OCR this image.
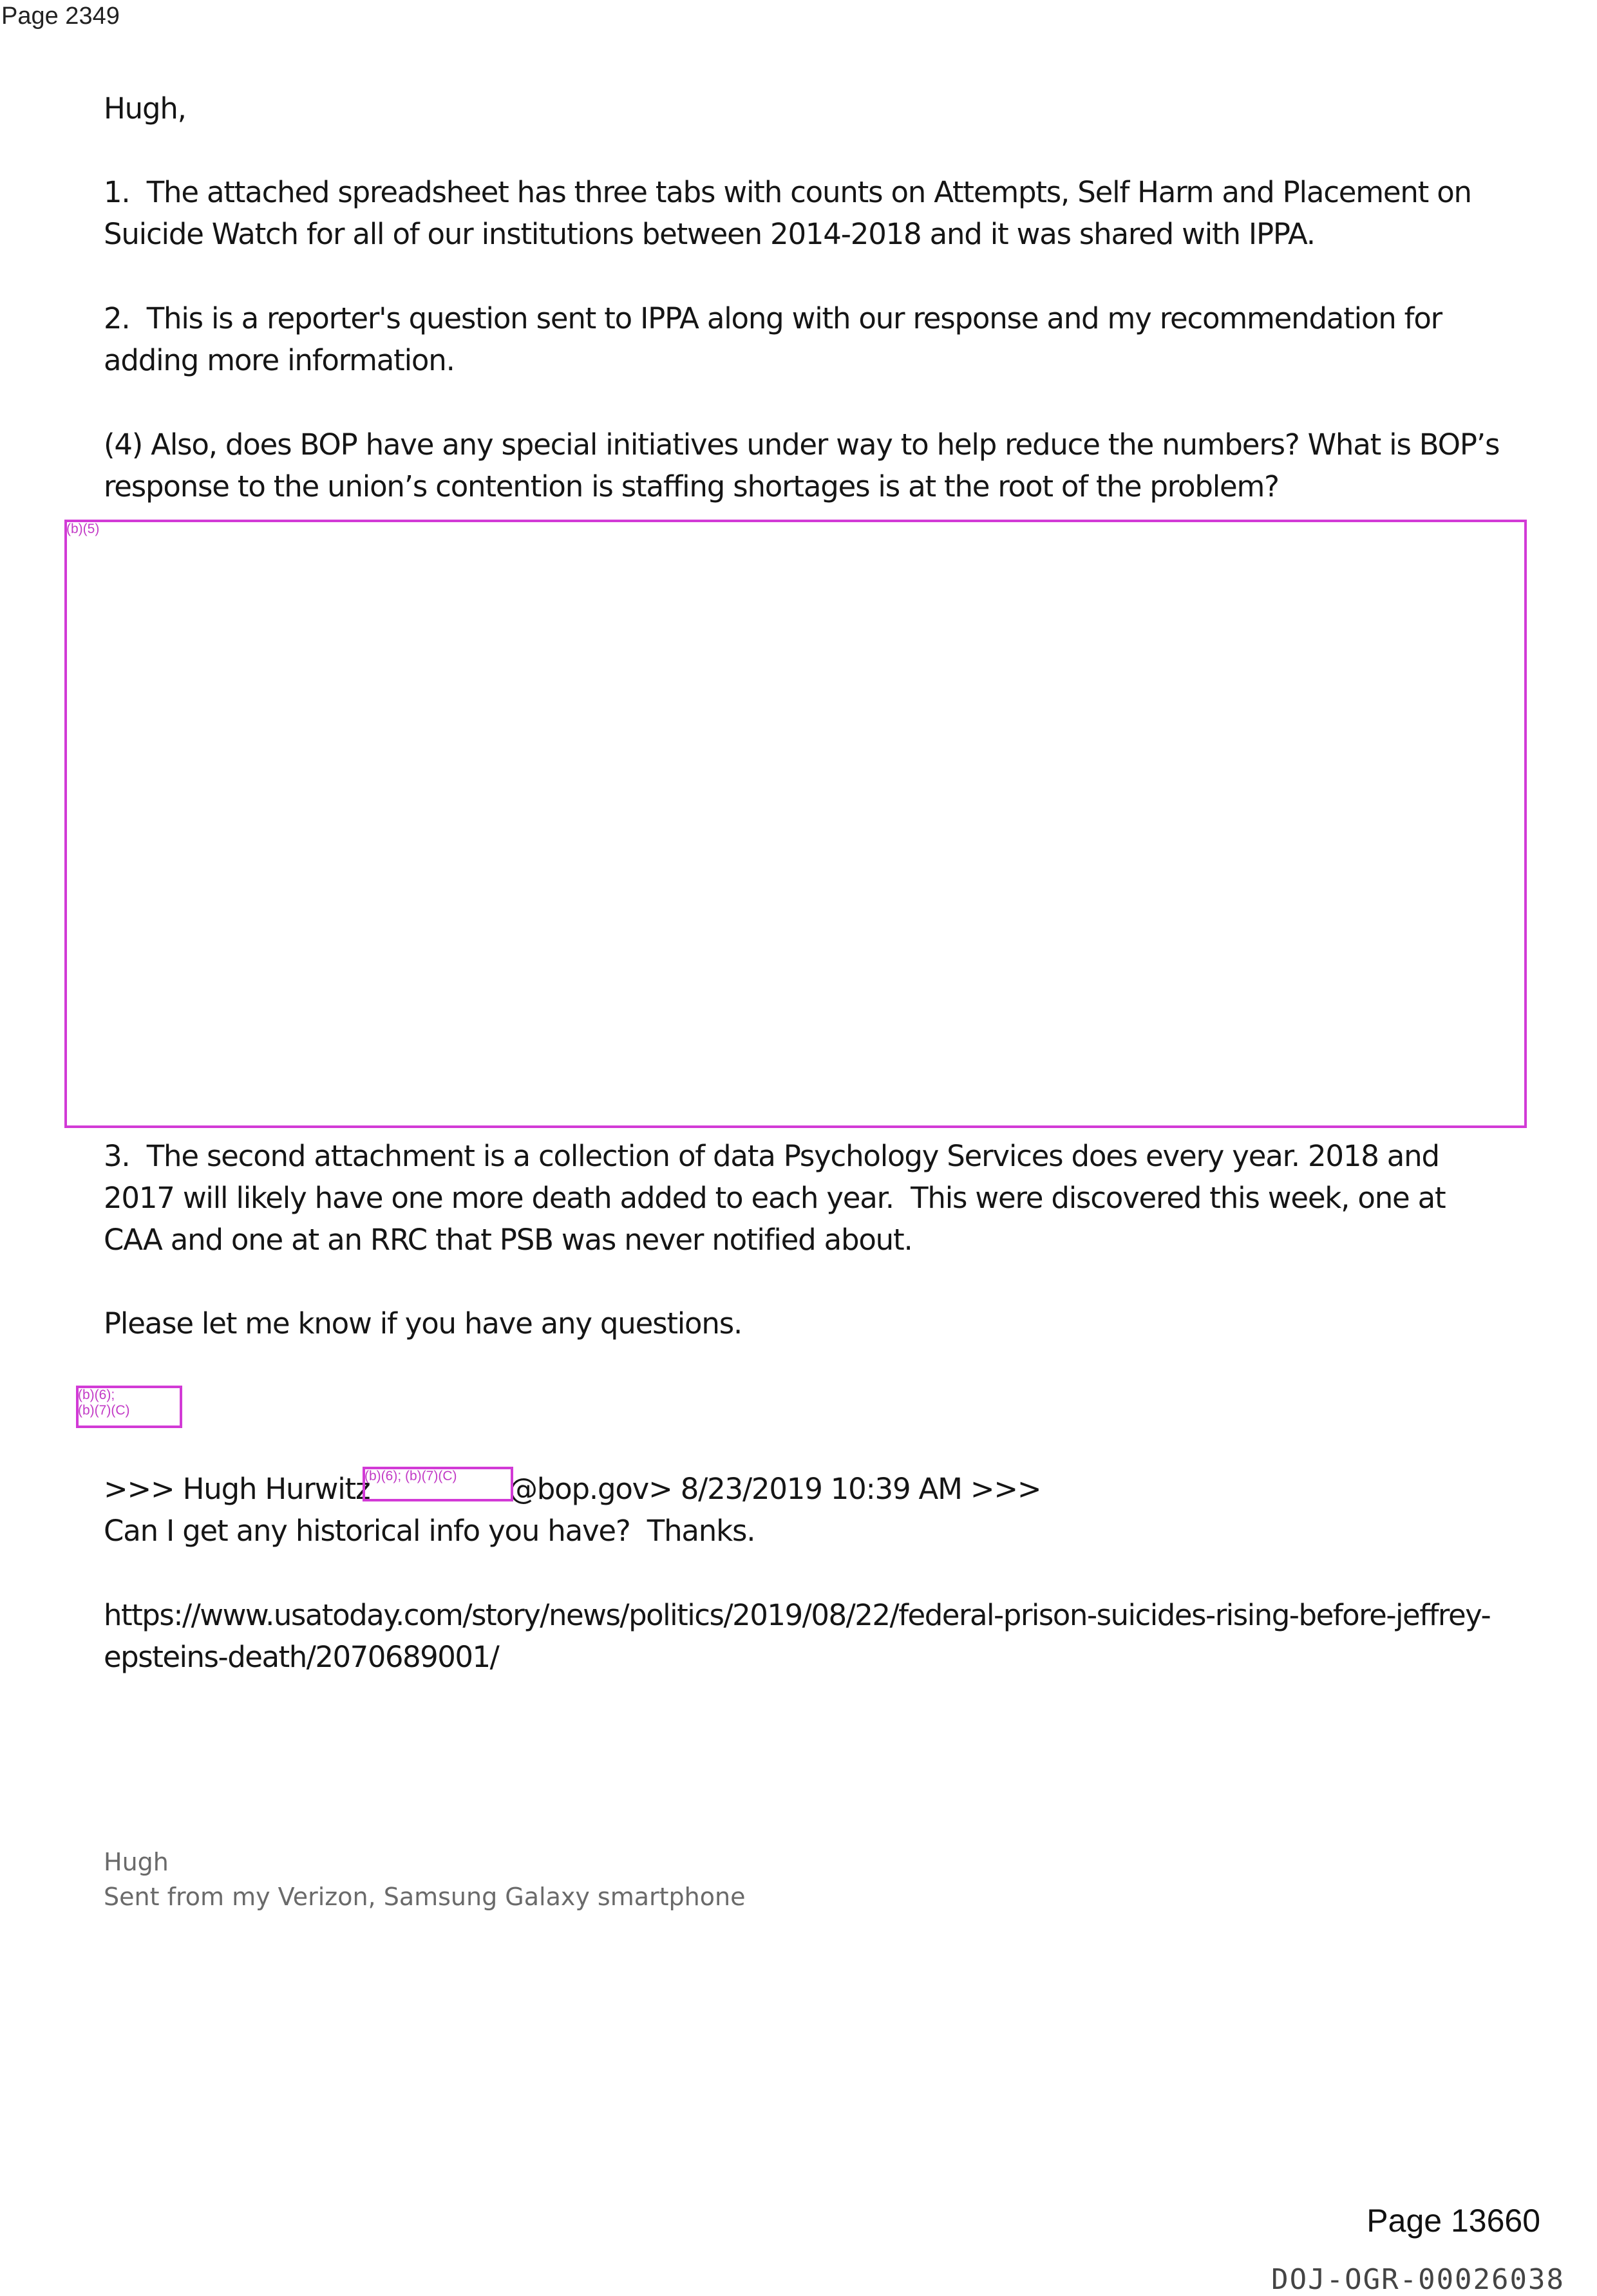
Page 2349
Hugh,
1.  The attached spreadsheet has three tabs with counts on Attempts, Self Harm and Placement on Suicide Watch for all of our institutions between 2014-2018 and it was shared with IPPA.
2.  This is a reporter's question sent to IPPA along with our response and my recommendation for adding more information.
(4) Also, does BOP have any special initiatives under way to help reduce the numbers? What is BOP’s response to the union’s contention is staffing shortages is at the root of the problem?
(b)(5)
3.  The second attachment is a collection of data Psychology Services does every year. 2018 and 2017 will likely have one more death added to each year.  This were discovered this week, one at CAA and one at an RRC that PSB was never notified about.
Please let me know if you have any questions.
(b)(6);
(b)(7)(C)

>>> Hugh Hurwitz

	@bop.gov> 8/23/2019 10:39 AM >>>

(b)(6); (b)(7)(C)
Can I get any historical info you have?  Thanks.
https://www.usatoday.com/story/news/politics/2019/08/22/federal-prison-suicides-rising-before-jeffrey-epsteins-death/2070689001/
Hugh
Sent from my Verizon, Samsung Galaxy smartphone
Page 13660
DOJ-OGR-00026038
